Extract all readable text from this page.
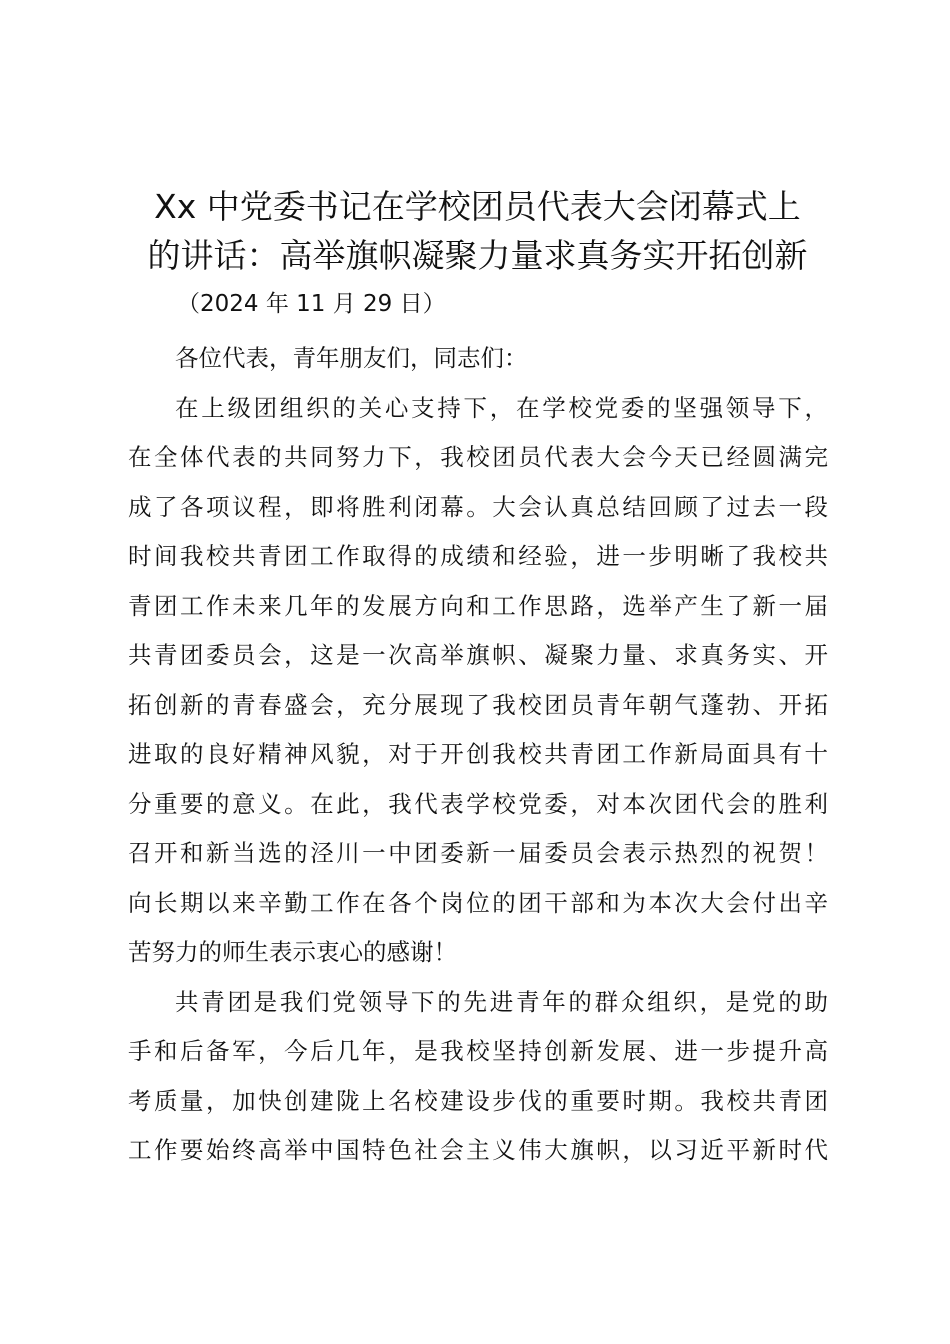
Xx 中党委书记在学校团员代表大会闭幕式上
的讲话：高举旗帜凝聚力量求真务实开拓创新
（2024 年 11 月 29 日）

各位代表，青年朋友们，同志们：

在上级团组织的关心支持下，在学校党委的坚强领导下，
在全体代表的共同努力下，我校团员代表大会今天已经圆满完
成了各项议程，即将胜利闭幕。大会认真总结回顾了过去一段
时间我校共青团工作取得的成绩和经验，进一步明晰了我校共
青团工作未来几年的发展方向和工作思路，选举产生了新一届
共青团委员会，这是一次高举旗帜、凝聚力量、求真务实、开
拓创新的青春盛会，充分展现了我校团员青年朝气蓬勃、开拓
进取的良好精神风貌，对于开创我校共青团工作新局面具有十
分重要的意义。在此，我代表学校党委，对本次团代会的胜利
召开和新当选的泾川一中团委新一届委员会表示热烈的祝贺！
向长期以来辛勤工作在各个岗位的团干部和为本次大会付出辛
苦努力的师生表示衷心的感谢！

共青团是我们党领导下的先进青年的群众组织，是党的助
手和后备军，今后几年，是我校坚持创新发展、进一步提升高
考质量，加快创建陇上名校建设步伐的重要时期。我校共青团
工作要始终高举中国特色社会主义伟大旗帜，以习近平新时代
